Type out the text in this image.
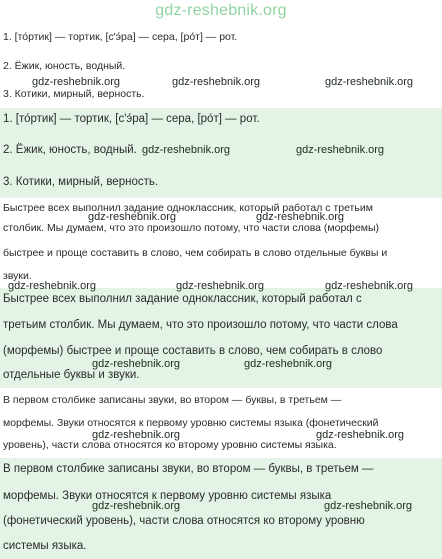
gdz-reshebnik.org
1. [то́ртик] — тортик, [с'э́ра] — сера, [ро́т] — рот.
2. Ёжик, юность, водный.
3. Котики, мирный, верность.
1. [то́ртик] — тортик, [с'э́ра] — сера, [ро́т] — рот.
2. Ёжик, юность, водный.
3. Котики, мирный, верность.
Быстрее всех выполнил задание одноклассник, который работал с третьим
столбик. Мы думаем, что это произошло потому, что части слова (морфемы)
быстрее и проще составить в слово, чем собирать в слово отдельные буквы и
звуки.
Быстрее всех выполнил задание одноклассник, который работал с
третьим столбик. Мы думаем, что это произошло потому, что части слова
(морфемы) быстрее и проще составить в слово, чем собирать в слово
отдельные буквы и звуки.
В первом столбике записаны звуки, во втором — буквы, в третьем —
морфемы. Звуки относятся к первому уровню системы языка (фонетический
уровень), части слова относятся ко второму уровню системы языка.
В первом столбике записаны звуки, во втором — буквы, в третьем —
морфемы. Звуки относятся к первому уровню системы языка
(фонетический уровень), части слова относятся ко второму уровню
системы языка.
gdz-reshebnik.org	gdz-reshebnik.org	gdz-reshebnik.org
gdz-reshebnik.org	gdz-reshebnik.org
gdz-reshebnik.org	gdz-reshebnik.org
gdz-reshebnik.org	gdz-reshebnik.org	gdz-reshebnik.org
gdz-reshebnik.org	gdz-reshebnik.org
gdz-reshebnik.org	gdz-reshebnik.org
gdz-reshebnik.org	gdz-reshebnik.org
